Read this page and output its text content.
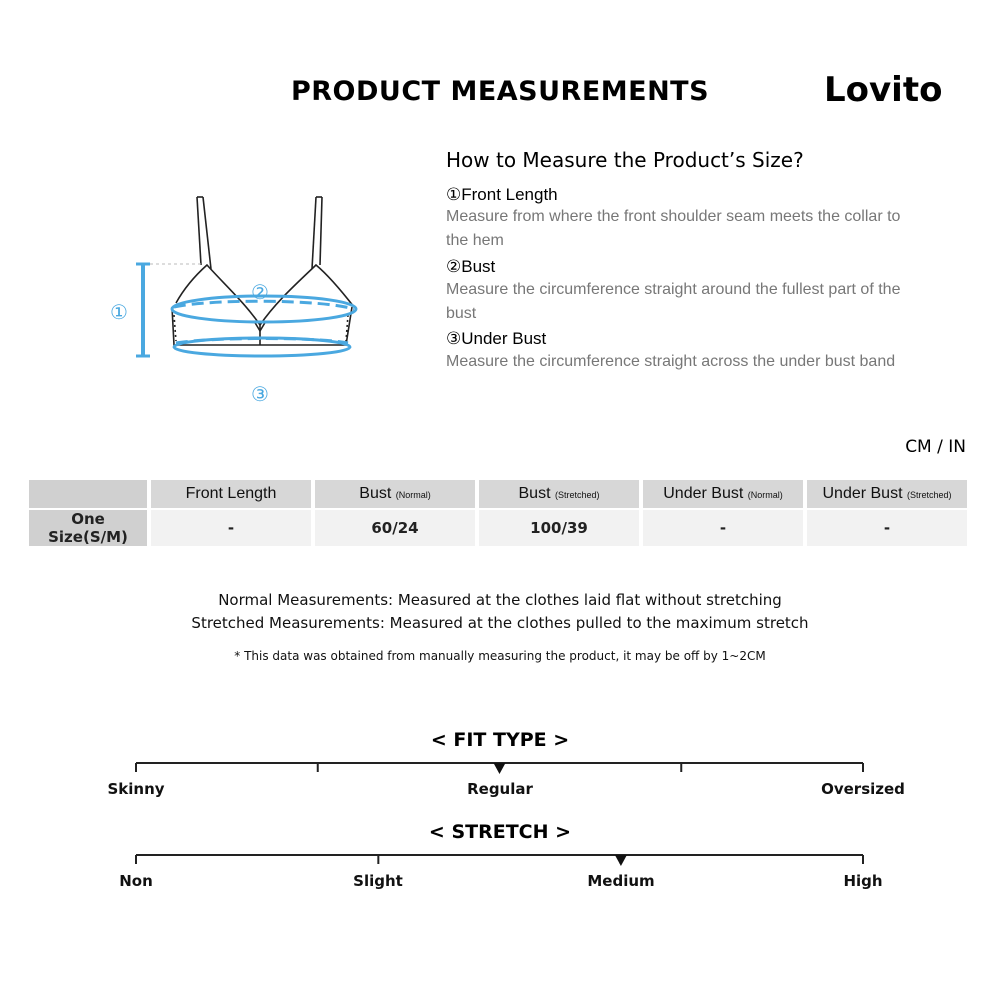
PRODUCT MEASUREMENTS	Lovito
①
②
③
How to Measure the Product’s Size?
①Front Length
Measure from where the front shoulder seam meets the collar to the hem
②Bust
Measure the circumference straight around the fullest part of the bust
③Under Bust
Measure the circumference straight across the under bust band
CM / IN
	Front Length	Bust (Normal)	Bust (Stretched)	Under Bust (Normal)	Under Bust (Stretched)
One Size(S/M)	-	60/24	100/39	-	-
Normal Measurements: Measured at the clothes laid flat without stretching
Stretched Measurements: Measured at the clothes pulled to the maximum stretch
* This data was obtained from manually measuring the product, it may be off by 1~2CM
< FIT TYPE >
Skinny	Regular	Oversized
< STRETCH >
Non	Slight	Medium	High
